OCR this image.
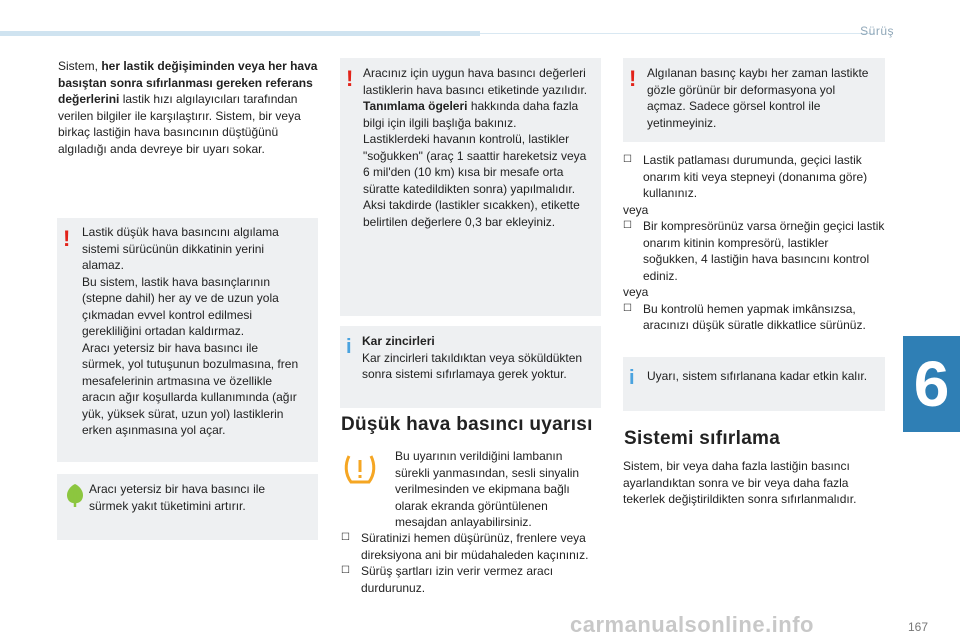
Sürüş
6
Sistem, her lastik değişiminden veya her hava basıştan sonra sıfırlanması gereken referans değerlerini lastik hızı algılayıcıları tarafından verilen bilgiler ile karşılaştırır. Sistem, bir veya birkaç lastiğin hava basıncının düştüğünü algıladığı anda devreye bir uyarı sokar.
! Lastik düşük hava basıncını algılama sistemi sürücünün dikkatinin yerini alamaz.
Bu sistem, lastik hava basınçlarının (stepne dahil) her ay ve de uzun yola çıkmadan evvel kontrol edilmesi gerekliliğini ortadan kaldırmaz.
Aracı yetersiz bir hava basıncı ile sürmek, yol tutuşunun bozulmasına, fren mesafelerinin artmasına ve özellikle aracın ağır koşullarda kullanımında (ağır yük, yüksek sürat, uzun yol) lastiklerin erken aşınmasına yol açar.
Aracı yetersiz bir hava basıncı ile sürmek yakıt tüketimini artırır.
! Aracınız için uygun hava basıncı değerleri lastiklerin hava basıncı etiketinde yazılıdır. Tanımlama ögeleri hakkında daha fazla bilgi için ilgili başlığa bakınız.
Lastiklerdeki havanın kontrolü, lastikler "soğukken" (araç 1 saattir hareketsiz veya 6 mil'den (10 km) kısa bir mesafe orta süratte katedildikten sonra) yapılmalıdır.
Aksi takdirde (lastikler sıcakken), etikette belirtilen değerlere 0,3 bar ekleyiniz.
i Kar zincirleri
Kar zincirleri takıldıktan veya söküldükten sonra sistemi sıfırlamaya gerek yoktur.
Düşük hava basıncı uyarısı
Bu uyarının verildiğini lambanın sürekli yanmasından, sesli sinyalin verilmesinden ve ekipmana bağlı olarak ekranda görüntülenen mesajdan anlayabilirsiniz.
☐ Süratinizi hemen düşürünüz, frenlere veya direksiyona ani bir müdahaleden kaçınınız.
☐ Sürüş şartları izin verir vermez aracı durdurunuz.
! Algılanan basınç kaybı her zaman lastikte gözle görünür bir deformasyona yol açmaz. Sadece görsel kontrol ile yetinmeyiniz.
☐ Lastik patlaması durumunda, geçici lastik onarım kiti veya stepneyi (donanıma göre) kullanınız.
veya
☐ Bir kompresörünüz varsa örneğin geçici lastik onarım kitinin kompresörü, lastikler soğukken, 4 lastiğin hava basıncını kontrol ediniz.
veya
☐ Bu kontrolü hemen yapmak imkânsızsa, aracınızı düşük süratle dikkatlice sürünüz.
i Uyarı, sistem sıfırlanana kadar etkin kalır.
Sistemi sıfırlama
Sistem, bir veya daha fazla lastiğin basıncı ayarlandıktan sonra ve bir veya daha fazla tekerlek değiştirildikten sonra sıfırlanmalıdır.
carmanualsonline.info	167
